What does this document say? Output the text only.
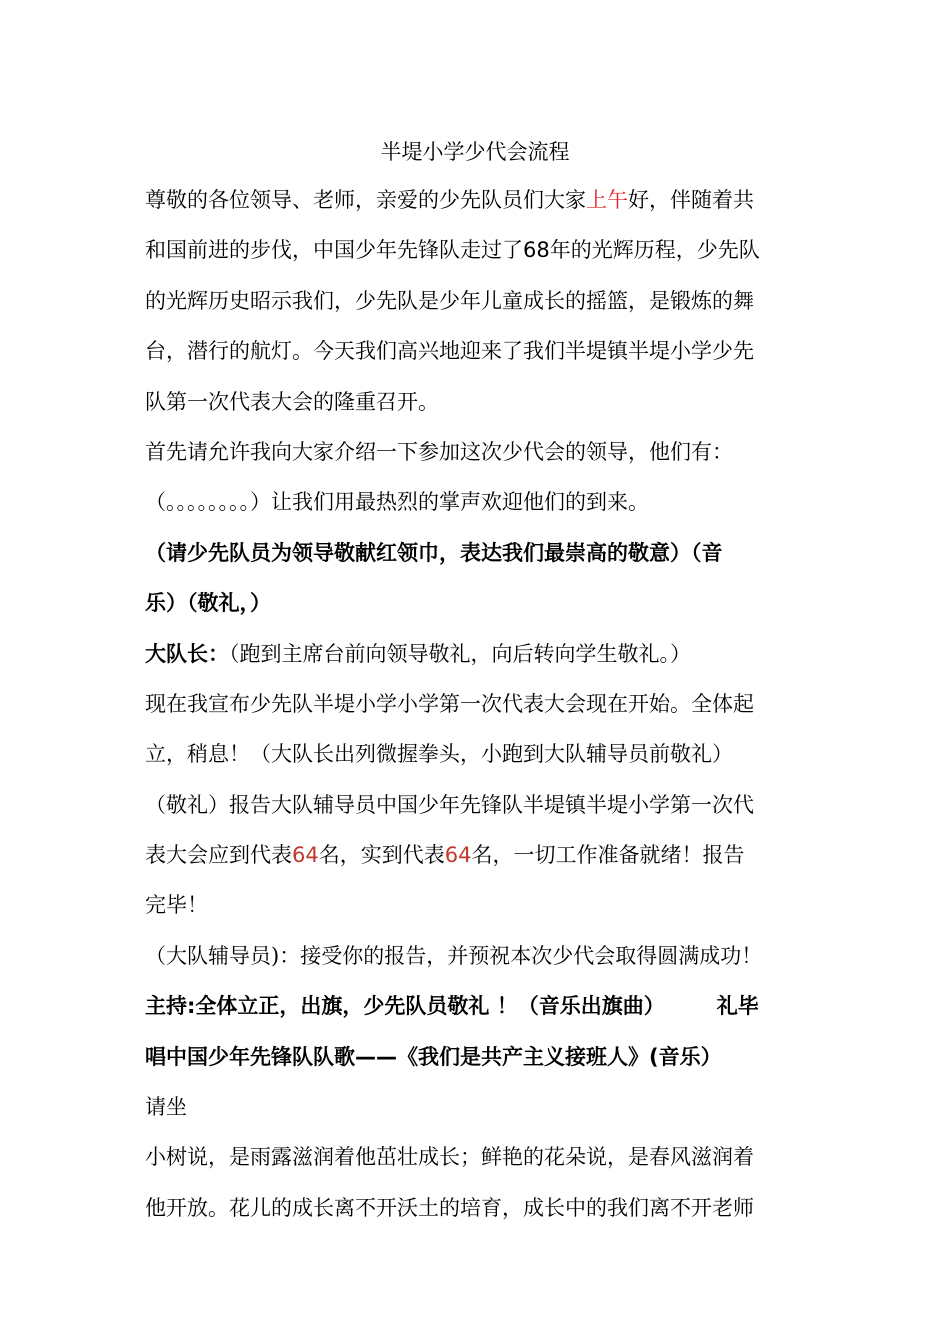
半堤小学少代会流程
尊敬的各位领导、老师，亲爱的少先队员们大家上午好，伴随着共
和国前进的步伐，中国少年先锋队走过了68年的光辉历程，少先队
的光辉历史昭示我们，少先队是少年儿童成长的摇篮，是锻炼的舞
台，潜行的航灯。今天我们高兴地迎来了我们半堤镇半堤小学少先
队第一次代表大会的隆重召开。
首先请允许我向大家介绍一下参加这次少代会的领导，他们有：
（。。。。。。。。）让我们用最热烈的掌声欢迎他们的到来。
（请少先队员为领导敬献红领巾，表达我们最崇高的敬意）（音
乐）（敬礼，）
大队长：（跑到主席台前向领导敬礼，向后转向学生敬礼。）
现在我宣布少先队半堤小学小学第一次代表大会现在开始。全体起
立，稍息！（大队长出列微握拳头，小跑到大队辅导员前敬礼）
（敬礼）报告大队辅导员中国少年先锋队半堤镇半堤小学第一次代
表大会应到代表64名，实到代表64名，一切工作准备就绪！报告
完毕！
（大队辅导员)：接受你的报告，并预祝本次少代会取得圆满成功！
主持:全体立正，出旗，少先队员敬礼 ！（音乐出旗曲） 礼毕
唱中国少年先锋队队歌——《我们是共产主义接班人》(音乐）
请坐
小树说，是雨露滋润着他茁壮成长；鲜艳的花朵说，是春风滋润着
他开放。花儿的成长离不开沃土的培育，成长中的我们离不开老师
